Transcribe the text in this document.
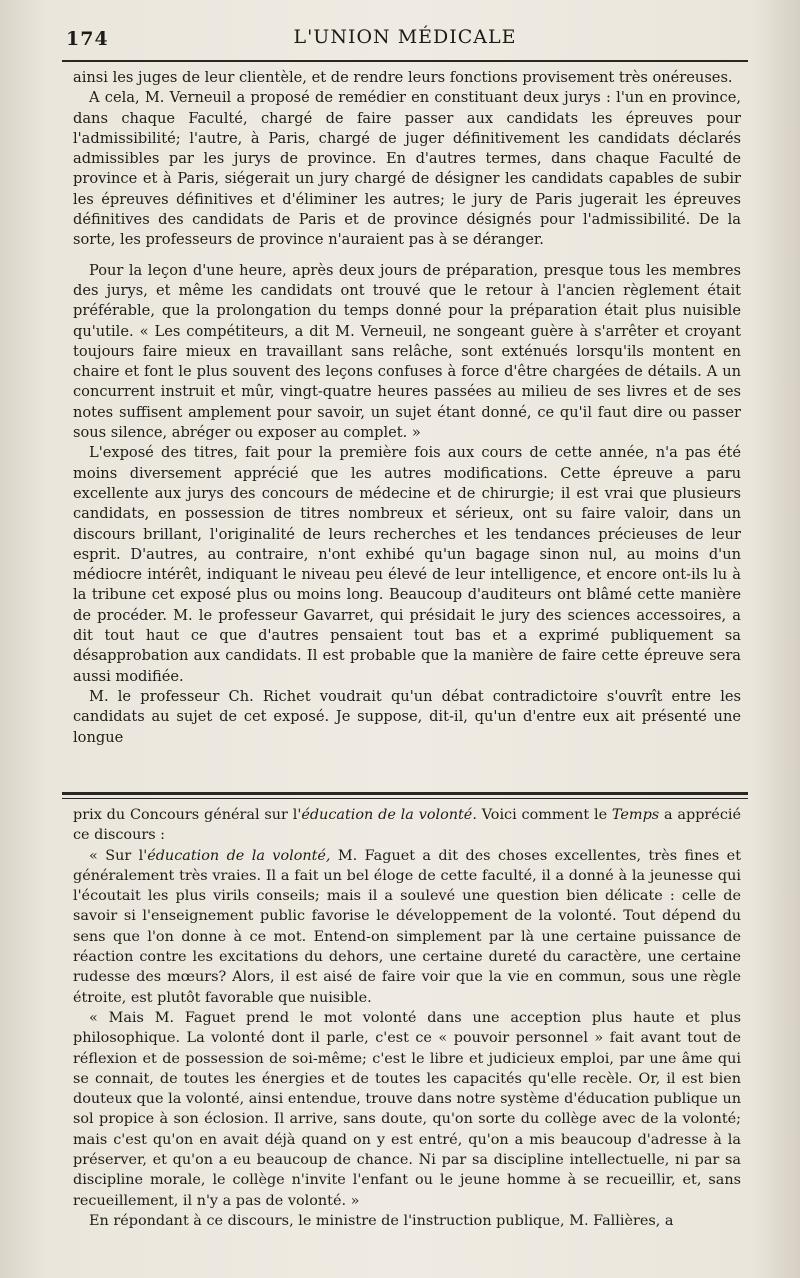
174	L'UNION MÉDICALE

ainsi les juges de leur clientèle, et de rendre leurs fonctions provisement très onéreuses.

A cela, M. Verneuil a proposé de remédier en constituant deux jurys : l'un en province, dans chaque Faculté, chargé de faire passer aux candidats les épreuves pour l'admissibilité; l'autre, à Paris, chargé de juger définitivement les candidats déclarés admissibles par les jurys de province. En d'autres termes, dans chaque Faculté de province et à Paris, siégerait un jury chargé de désigner les candidats capables de subir les épreuves définitives et d'éliminer les autres; le jury de Paris jugerait les épreuves définitives des candidats de Paris et de province désignés pour l'admissibilité. De la sorte, les professeurs de province n'auraient pas à se déranger.

Pour la leçon d'une heure, après deux jours de préparation, presque tous les membres des jurys, et même les candidats ont trouvé que le retour à l'ancien règlement était préférable, que la prolongation du temps donné pour la préparation était plus nuisible qu'utile. « Les compétiteurs, a dit M. Verneuil, ne songeant guère à s'arrêter et croyant toujours faire mieux en travaillant sans relâche, sont exténués lorsqu'ils montent en chaire et font le plus souvent des leçons confuses à force d'être chargées de détails. A un concurrent instruit et mûr, vingt-quatre heures passées au milieu de ses livres et de ses notes suffisent amplement pour savoir, un sujet étant donné, ce qu'il faut dire ou passer sous silence, abréger ou exposer au complet. »

L'exposé des titres, fait pour la première fois aux cours de cette année, n'a pas été moins diversement apprécié que les autres modifications. Cette épreuve a paru excellente aux jurys des concours de médecine et de chirurgie; il est vrai que plusieurs candidats, en possession de titres nombreux et sérieux, ont su faire valoir, dans un discours brillant, l'originalité de leurs recherches et les tendances précieuses de leur esprit. D'autres, au contraire, n'ont exhibé qu'un bagage sinon nul, au moins d'un médiocre intérêt, indiquant le niveau peu élevé de leur intelligence, et encore ont-ils lu à la tribune cet exposé plus ou moins long. Beaucoup d'auditeurs ont blâmé cette manière de procéder. M. le professeur Gavarret, qui présidait le jury des sciences accessoires, a dit tout haut ce que d'autres pensaient tout bas et a exprimé publiquement sa désapprobation aux candidats. Il est probable que la manière de faire cette épreuve sera aussi modifiée.

M. le professeur Ch. Richet voudrait qu'un débat contradictoire s'ouvrît entre les candidats au sujet de cet exposé. Je suppose, dit-il, qu'un d'entre eux ait présenté une longue

prix du Concours général sur l'éducation de la volonté. Voici comment le Temps a apprécié ce discours :

« Sur l'éducation de la volonté, M. Faguet a dit des choses excellentes, très fines et généralement très vraies. Il a fait un bel éloge de cette faculté, il a donné à la jeunesse qui l'écoutait les plus virils conseils; mais il a soulevé une question bien délicate : celle de savoir si l'enseignement public favorise le développement de la volonté. Tout dépend du sens que l'on donne à ce mot. Entend-on simplement par là une certaine puissance de réaction contre les excitations du dehors, une certaine dureté du caractère, une certaine rudesse des mœurs? Alors, il est aisé de faire voir que la vie en commun, sous une règle étroite, est plutôt favorable que nuisible.

« Mais M. Faguet prend le mot volonté dans une acception plus haute et plus philosophique. La volonté dont il parle, c'est ce « pouvoir personnel » fait avant tout de réflexion et de possession de soi-même; c'est le libre et judicieux emploi, par une âme qui se connait, de toutes les énergies et de toutes les capacités qu'elle recèle. Or, il est bien douteux que la volonté, ainsi entendue, trouve dans notre système d'éducation publique un sol propice à son éclosion. Il arrive, sans doute, qu'on sorte du collège avec de la volonté; mais c'est qu'on en avait déjà quand on y est entré, qu'on a mis beaucoup d'adresse à la préserver, et qu'on a eu beaucoup de chance. Ni par sa discipline intellectuelle, ni par sa discipline morale, le collège n'invite l'enfant ou le jeune homme à se recueillir, et, sans recueillement, il n'y a pas de volonté. »

En répondant à ce discours, le ministre de l'instruction publique, M. Fallières, a
